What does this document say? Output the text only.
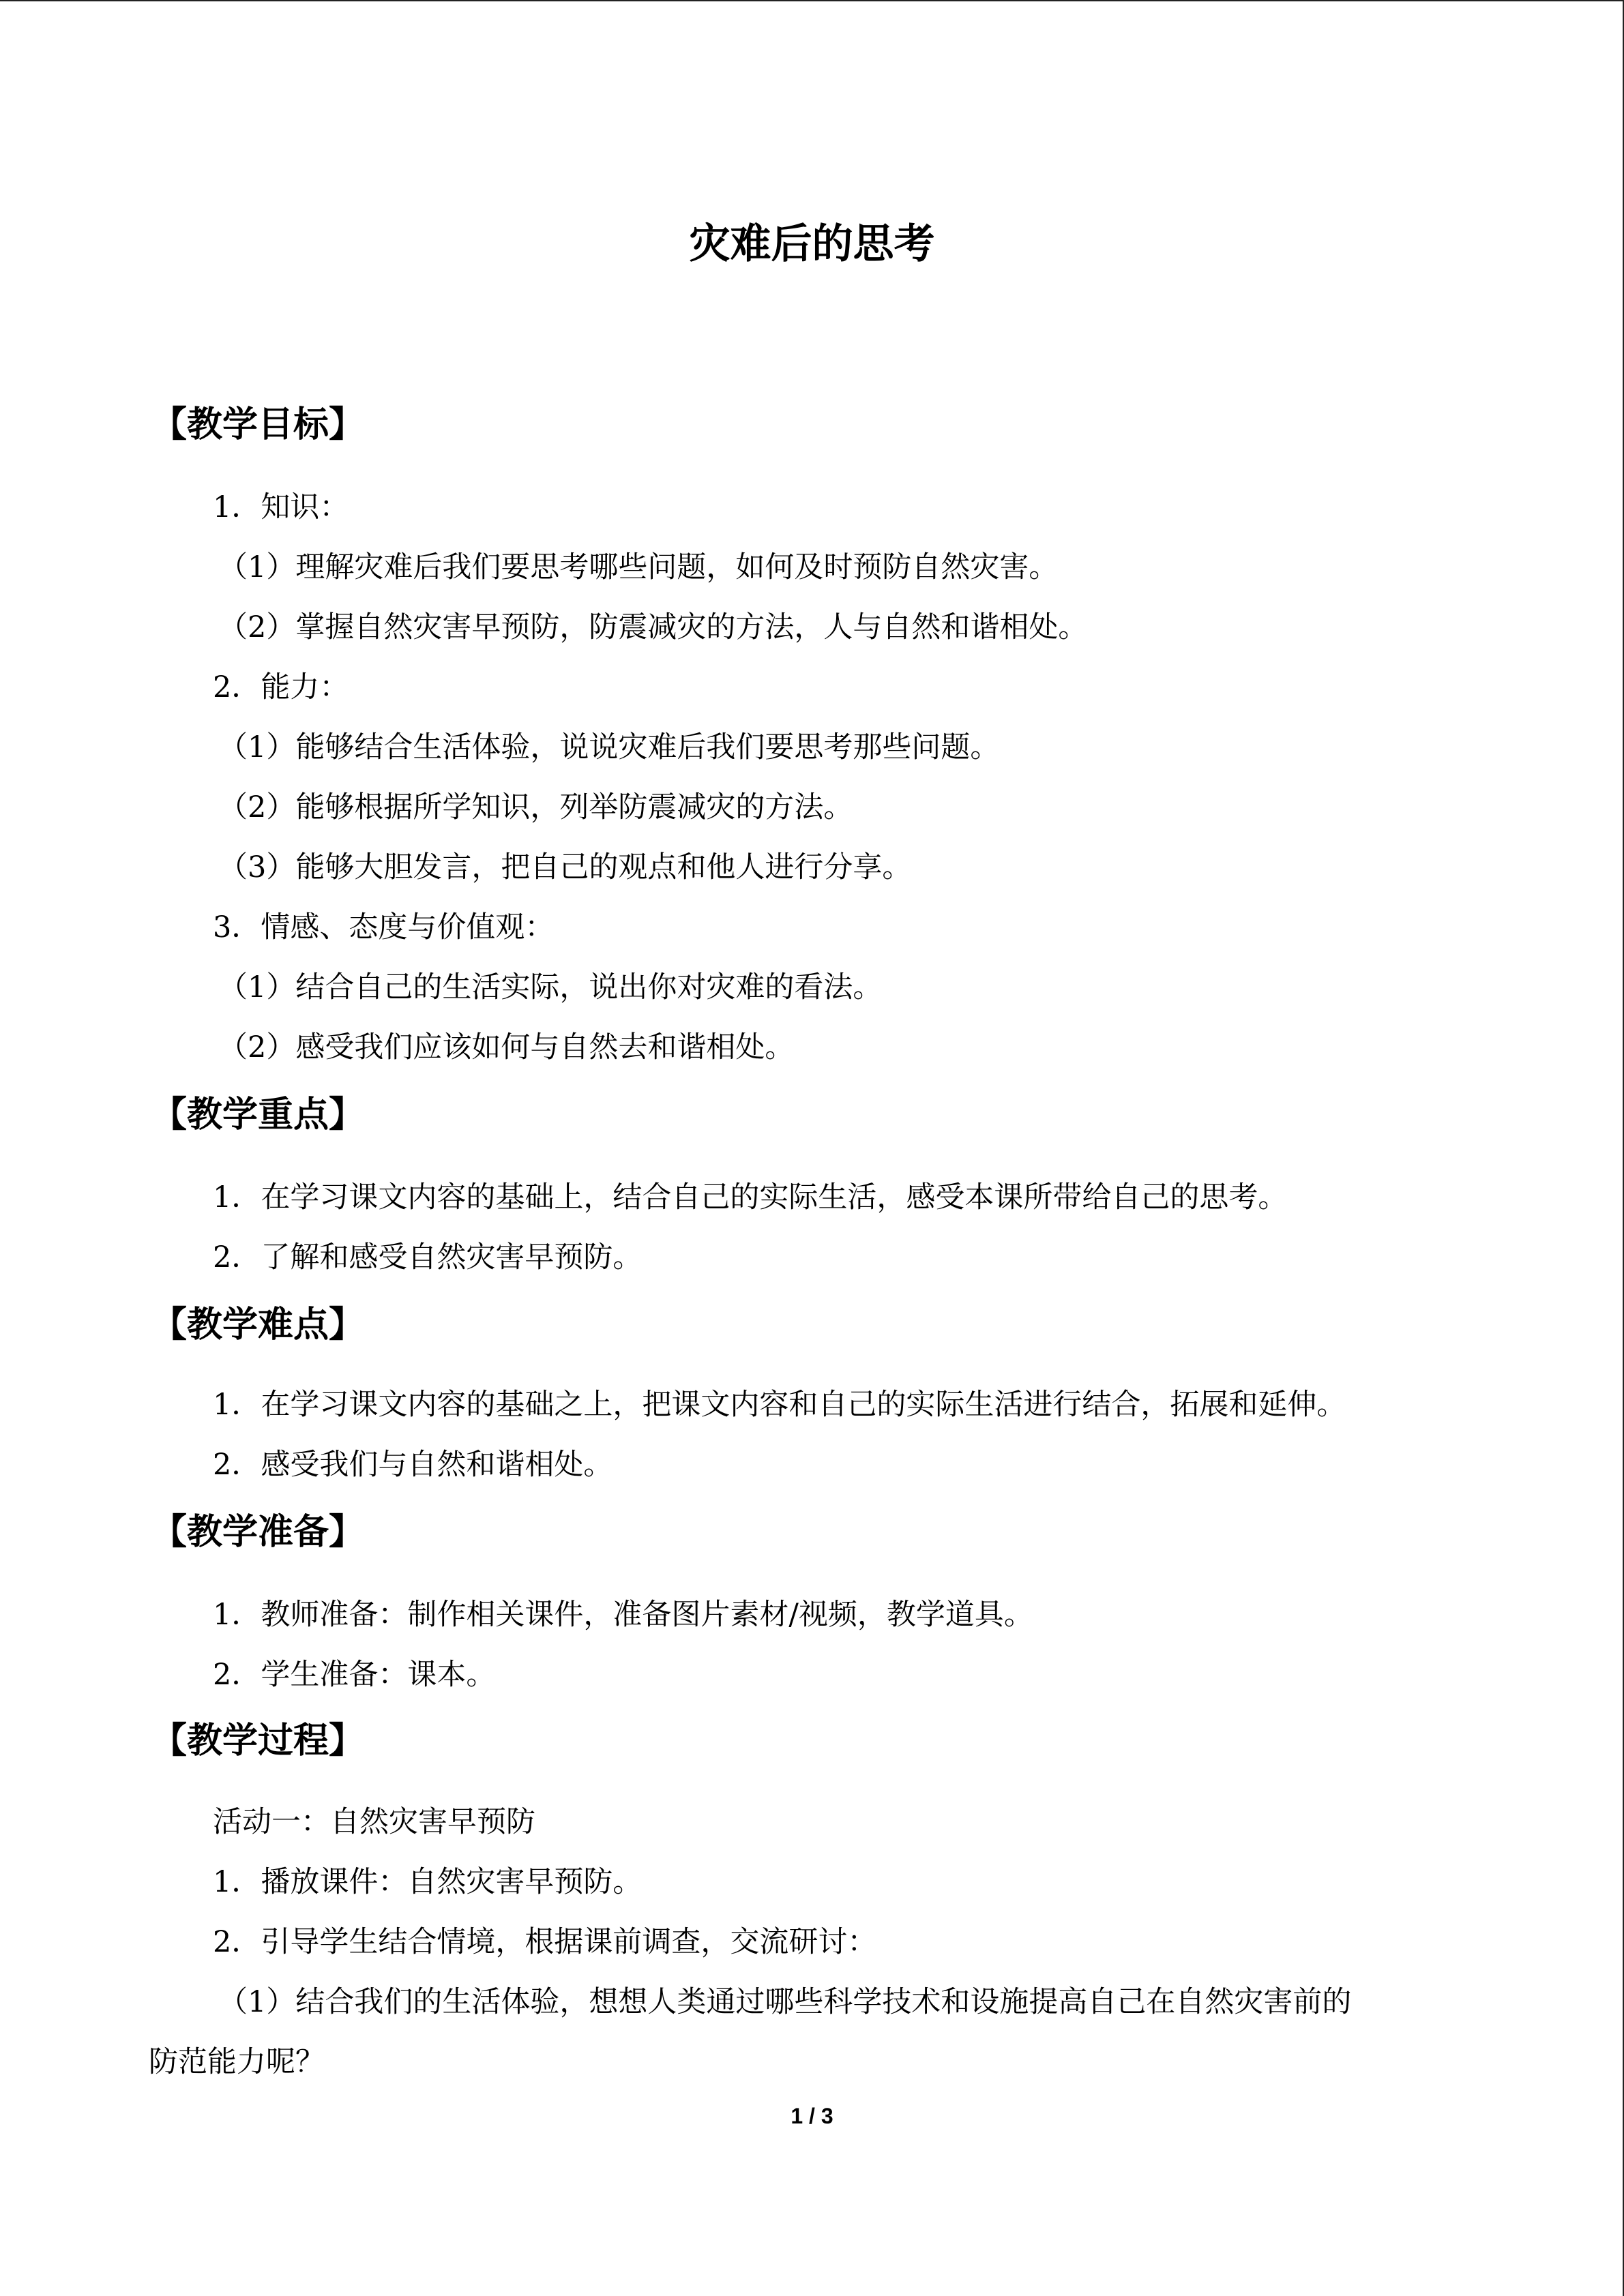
灾难后的思考
【教学目标】
1．知识：
（1）理解灾难后我们要思考哪些问题，如何及时预防自然灾害。
（2）掌握自然灾害早预防，防震减灾的方法，人与自然和谐相处。
2．能力：
（1）能够结合生活体验，说说灾难后我们要思考那些问题。
（2）能够根据所学知识，列举防震减灾的方法。
（3）能够大胆发言，把自己的观点和他人进行分享。
3．情感、态度与价值观：
（1）结合自己的生活实际，说出你对灾难的看法。
（2）感受我们应该如何与自然去和谐相处。
【教学重点】
1．在学习课文内容的基础上，结合自己的实际生活，感受本课所带给自己的思考。
2．了解和感受自然灾害早预防。
【教学难点】
1．在学习课文内容的基础之上，把课文内容和自己的实际生活进行结合，拓展和延伸。
2．感受我们与自然和谐相处。
【教学准备】
1．教师准备：制作相关课件，准备图片素材/视频，教学道具。
2．学生准备：课本。
【教学过程】
活动一：自然灾害早预防
1．播放课件：自然灾害早预防。
2．引导学生结合情境，根据课前调查，交流研讨：
（1）结合我们的生活体验，想想人类通过哪些科学技术和设施提高自己在自然灾害前的
防范能力呢？
1 / 3
